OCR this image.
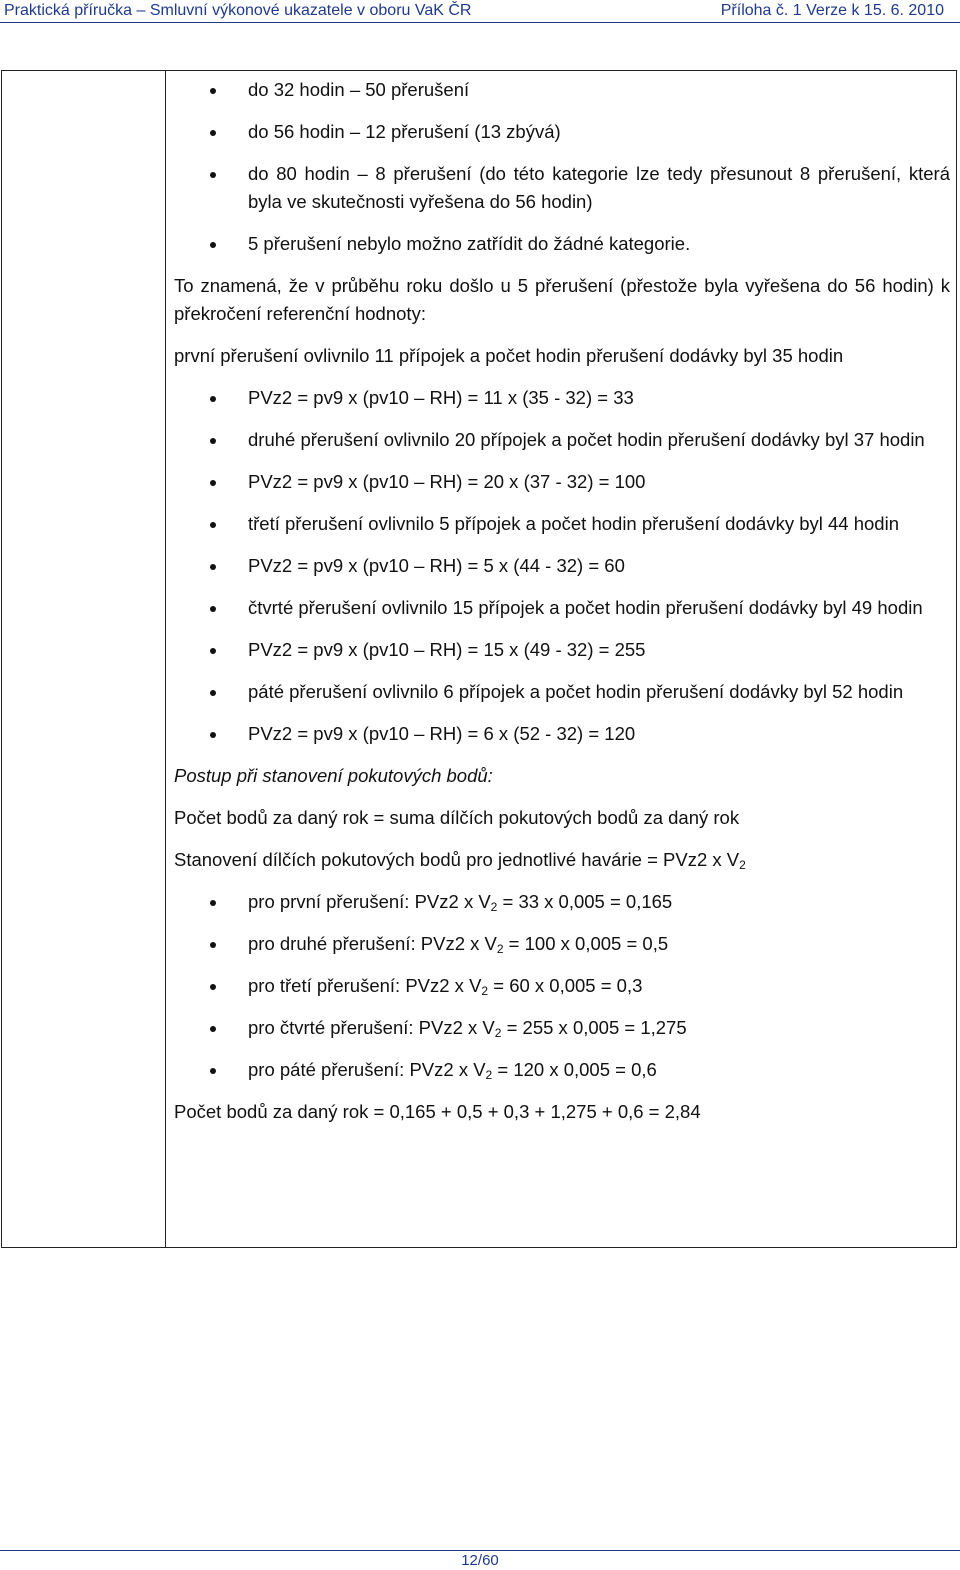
Praktická příručka – Smluvní výkonové ukazatele v oboru VaK ČR	Příloha č. 1 Verze k 15. 6. 2010
do 32 hodin – 50 přerušení
do 56 hodin – 12 přerušení (13 zbývá)
do 80 hodin – 8 přerušení (do této kategorie lze tedy přesunout 8 přerušení, která byla ve skutečnosti vyřešena do 56 hodin)
5 přerušení nebylo možno zatřídit do žádné kategorie.
To znamená, že v průběhu roku došlo u 5 přerušení (přestože byla vyřešena do 56 hodin) k překročení referenční hodnoty:
první přerušení ovlivnilo 11 přípojek a počet hodin přerušení dodávky byl 35 hodin
PVz2 = pv9 x (pv10 – RH) = 11 x (35 - 32) = 33
druhé přerušení ovlivnilo 20 přípojek a počet hodin přerušení dodávky byl 37 hodin
PVz2 = pv9 x (pv10 – RH) = 20 x (37 - 32) = 100
třetí přerušení ovlivnilo 5 přípojek a počet hodin přerušení dodávky byl 44 hodin
PVz2 = pv9 x (pv10 – RH) = 5 x (44 - 32) = 60
čtvrté přerušení ovlivnilo 15 přípojek a počet hodin přerušení dodávky byl 49 hodin
PVz2 = pv9 x (pv10 – RH) = 15 x (49 - 32) = 255
páté přerušení ovlivnilo 6 přípojek a počet hodin přerušení dodávky byl 52 hodin
PVz2 = pv9 x (pv10 – RH) = 6 x (52 - 32) = 120
Postup při stanovení pokutových bodů:
Počet bodů za daný rok = suma dílčích pokutových bodů za daný rok
Stanovení dílčích pokutových bodů pro jednotlivé havárie = PVz2 x $V_2$
pro první přerušení: PVz2 x $V_2 = 33$ x 0,005 = 0,165
pro druhé přerušení: PVz2 x $V_2 = 100$ x 0,005 = 0,5
pro třetí přerušení: PVz2 x $V_2 = 60$ x 0,005 = 0,3
pro čtvrté přerušení: PVz2 x $V_2 = 255$ x 0,005 = 1,275
pro páté přerušení: PVz2 x $V_2 = 120$ x 0,005 = 0,6
Počet bodů za daný rok = 0,165 + 0,5 + 0,3 + 1,275 + 0,6 = 2,84
12/60
